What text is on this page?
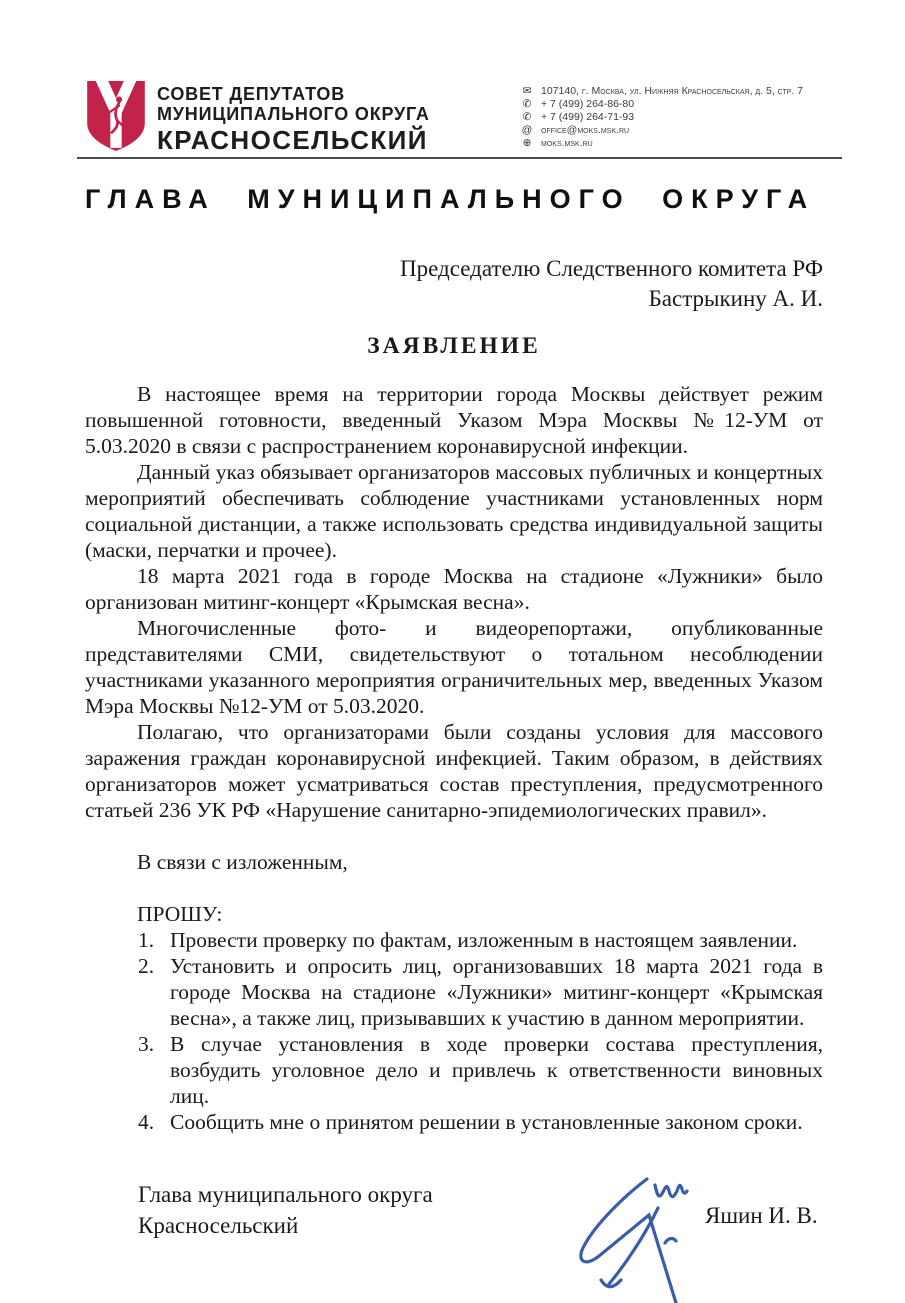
СОВЕТ ДЕПУТАТОВ
МУНИЦИПАЛЬНОГО ОКРУГА
КРАСНОСЕЛЬСКИЙ
✉ 107140, г. Москва, ул. Нижняя Красносельская, д. 5, стр. 7
✆ + 7 (499) 264-86-80
✆ + 7 (499) 264-71-93
@ office@moks.msk.ru
⊕ moks.msk.ru
ГЛАВА МУНИЦИПАЛЬНОГО ОКРУГА
Председателю Следственного комитета РФ
Бастрыкину А. И.
ЗАЯВЛЕНИЕ

В настоящее время на территории города Москвы действует режим повышенной готовности, введенный Указом Мэра Москвы №12-УМ от 5.03.2020 в связи с распространением коронавирусной инфекции.

Данный указ обязывает организаторов массовых публичных и концертных мероприятий обеспечивать соблюдение участниками установленных норм социальной дистанции, а также использовать средства индивидуальной защиты (маски, перчатки и прочее).

18 марта 2021 года в городе Москва на стадионе «Лужники» было организован митинг-концерт «Крымская весна».

Многочисленные фото- и видеорепортажи, опубликованные представителями СМИ, свидетельствуют о тотальном несоблюдении участниками указанного мероприятия ограничительных мер, введенных Указом Мэра Москвы №12-УМ от 5.03.2020.

Полагаю, что организаторами были созданы условия для массового заражения граждан коронавирусной инфекцией. Таким образом, в действиях организаторов может усматриваться состав преступления, предусмотренного статьей 236 УК РФ «Нарушение санитарно-эпидемиологических правил».

В связи с изложенным,
ПРОШУ:
1. Провести проверку по фактам, изложенным в настоящем заявлении.
2. Установить и опросить лиц, организовавших 18 марта 2021 года в городе Москва на стадионе «Лужники» митинг-концерт «Крымская весна», а также лиц, призывавших к участию в данном мероприятии.
3. В случае установления в ходе проверки состава преступления, возбудить уголовное дело и привлечь к ответственности виновных лиц.
4. Сообщить мне о принятом решении в установленные законом сроки.
Глава муниципального округа
Красносельский	Яшин И. В.
